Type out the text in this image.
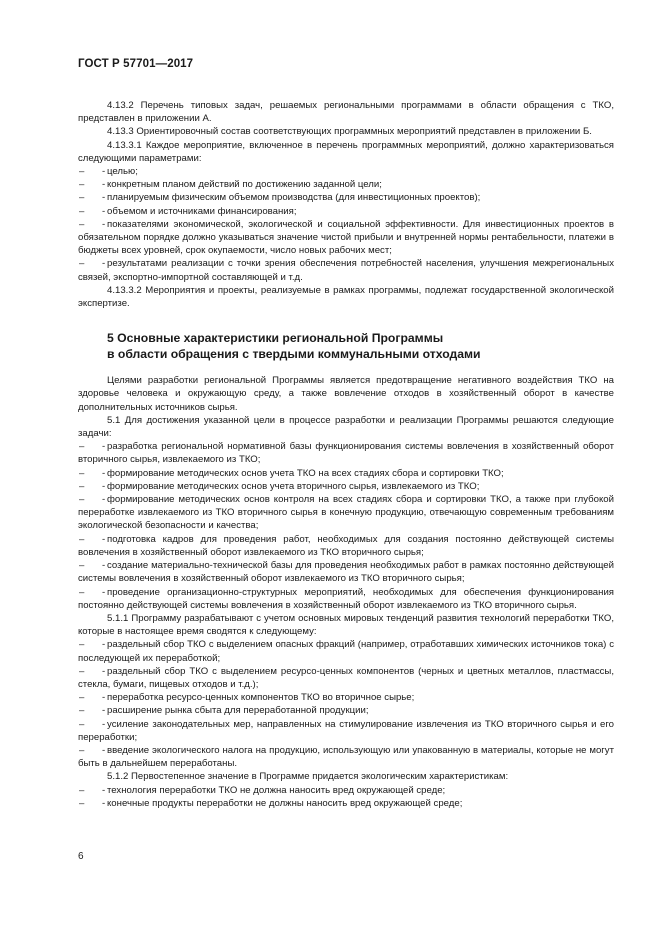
ГОСТ Р 57701—2017

4.13.2 Перечень типовых задач, решаемых региональными программами в области обращения с ТКО, представлен в приложении А.

4.13.3 Ориентировочный состав соответствующих программных мероприятий представлен в приложении Б.

4.13.3.1 Каждое мероприятие, включенное в перечень программных мероприятий, должно характеризоваться следующими параметрами:

– -целью;

– -конкретным планом действий по достижению заданной цели;

– -планируемым физическим объемом производства (для инвестиционных проектов);

– -объемом и источниками финансирования;

– -показателями экономической, экологической и социальной эффективности. Для инвестиционных проектов в обязательном порядке должно указываться значение чистой прибыли и внутренней нормы рентабельности, платежи в бюджеты всех уровней, срок окупаемости, число новых рабочих мест;

– -результатами реализации с точки зрения обеспечения потребностей населения, улучшения межрегиональных связей, экспортно-импортной составляющей и т.д.

4.13.3.2 Мероприятия и проекты, реализуемые в рамках программы, подлежат государственной экологической экспертизе.

5 Основные характеристики региональной Программы
в области обращения с твердыми коммунальными отходами

Целями разработки региональной Программы является предотвращение негативного воздействия ТКО на здоровье человека и окружающую среду, а также вовлечение отходов в хозяйственный оборот в качестве дополнительных источников сырья.

5.1 Для достижения указанной цели в процессе разработки и реализации Программы решаются следующие задачи:

– -разработка региональной нормативной базы функционирования системы вовлечения в хозяйственный оборот вторичного сырья, извлекаемого из ТКО;

– -формирование методических основ учета ТКО на всех стадиях сбора и сортировки ТКО;

– -формирование методических основ учета вторичного сырья, извлекаемого из ТКО;

– -формирование методических основ контроля на всех стадиях сбора и сортировки ТКО, а также при глубокой переработке извлекаемого из ТКО вторичного сырья в конечную продукцию, отвечающую современным требованиям экологической безопасности и качества;

– -подготовка кадров для проведения работ, необходимых для создания постоянно действующей системы вовлечения в хозяйственный оборот извлекаемого из ТКО вторичного сырья;

– -создание материально-технической базы для проведения необходимых работ в рамках постоянно действующей системы вовлечения в хозяйственный оборот извлекаемого из ТКО вторичного сырья;

– -проведение организационно-структурных мероприятий, необходимых для обеспечения функционирования постоянно действующей системы вовлечения в хозяйственный оборот извлекаемого из ТКО вторичного сырья.

5.1.1 Программу разрабатывают с учетом основных мировых тенденций развития технологий переработки ТКО, которые в настоящее время сводятся к следующему:

– -раздельный сбор ТКО с выделением опасных фракций (например, отработавших химических источников тока) с последующей их переработкой;

– -раздельный сбор ТКО с выделением ресурсо-ценных компонентов (черных и цветных металлов, пластмассы, стекла, бумаги, пищевых отходов и т.д.);

– -переработка ресурсо-ценных компонентов ТКО во вторичное сырье;

– -расширение рынка сбыта для переработанной продукции;

– -усиление законодательных мер, направленных на стимулирование извлечения из ТКО вторичного сырья и его переработки;

– -введение экологического налога на продукцию, использующую или упакованную в материалы, которые не могут быть в дальнейшем переработаны.

5.1.2 Первостепенное значение в Программе придается экологическим характеристикам:

– -технология переработки ТКО не должна наносить вред окружающей среде;

– -конечные продукты переработки не должны наносить вред окружающей среде;

6
